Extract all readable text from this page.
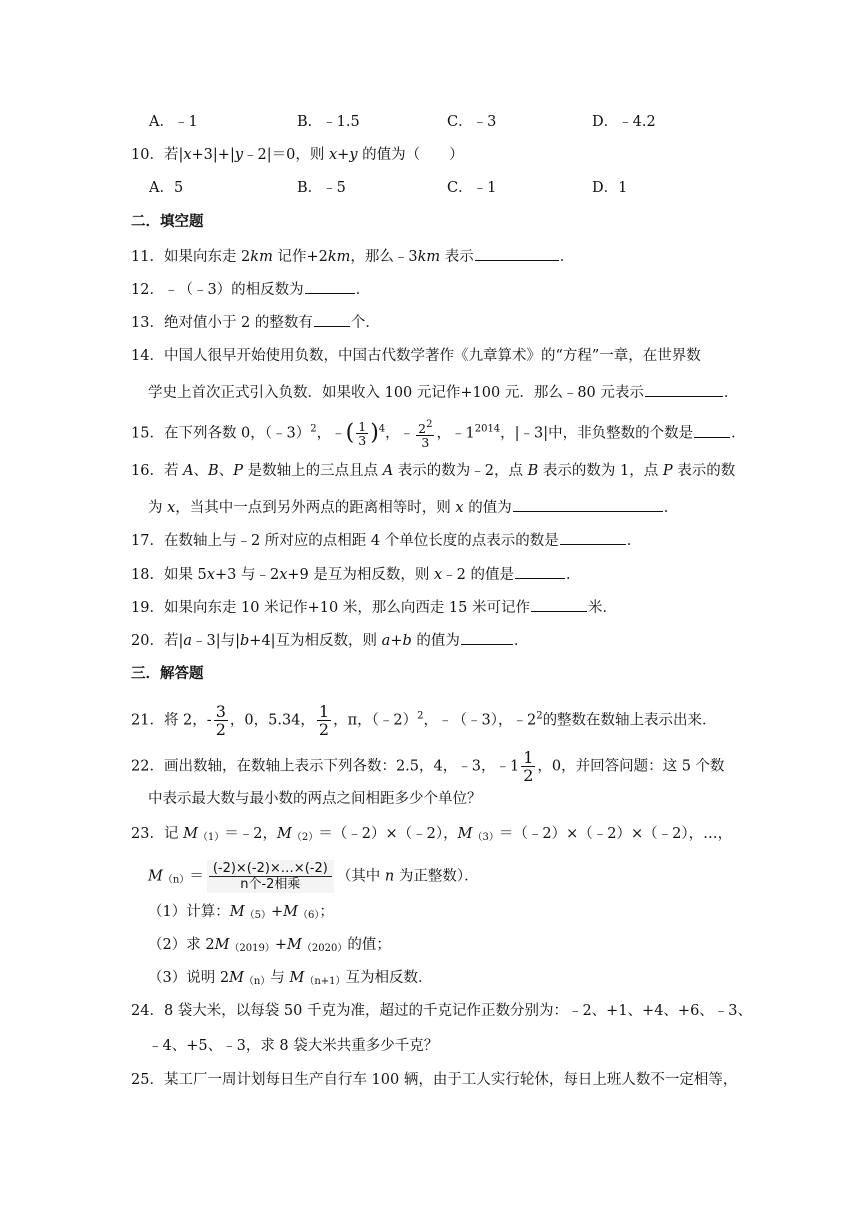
A．﹣1	B．﹣1.5	C．﹣3	D．﹣4.2
10．若|x+3|+|y﹣2|＝0，则 x+y 的值为（　　）
A．5	B．﹣5	C．﹣1	D．1
二．填空题
11．如果向东走 2km 记作+2km，那么﹣3km 表示	．
12．﹣（﹣3）的相反数为	．
13．绝对值小于 2 的整数有	个．
14．中国人很早开始使用负数，中国古代数学著作《九章算术》的“方程”一章，在世界数
学史上首次正式引入负数．如果收入 100 元记作+100 元．那么﹣80 元表示	．
15．在下列各数 0，（﹣3）$^2$，﹣( $\frac{1}{3} )^4$，﹣ $\frac{2^2}{3}$ ，$﹣1^{2014}$，|﹣3|中，非负整数的个数是	．
16．若 A、B、P 是数轴上的三点且点 A 表示的数为﹣2，点 B 表示的数为 1，点 P 表示的数
为 x，当其中一点到另外两点的距离相等时，则 x 的值为	．
17．在数轴上与﹣2 所对应的点相距 4 个单位长度的点表示的数是	．
18．如果 5x+3 与﹣2x+9 是互为相反数，则 x﹣2 的值是	．
19．如果向东走 10 米记作+10 米，那么向西走 15 米可记作	米．
20．若|a﹣3|与|b+4|互为相反数，则 a+b 的值为	．
三．解答题
21．将 2，- $\frac{3}{2}$ ，0，5.34， $\frac{1}{2}$ ，π，（﹣2）$^2$，﹣（﹣3），$﹣2^2$的整数在数轴上表示出来．
22．画出数轴，在数轴上表示下列各数：2.5，4，﹣3，﹣1 $\frac{1}{2}$ ，0，并回答问题：这 5 个数
中表示最大数与最小数的两点之间相距多少个单位？
23．记 $M_{(1)}=﹣2$，$M_{(2)}=(﹣2)\times(﹣2)$，$M_{(3)}=(﹣2)\times(﹣2)\times(﹣2)$，…，
$M_{(n)}=$ (-2)×(-2)×…×(-2)
n个-2相乘	（其中 n 为正整数）．
（1）计算：$M_{(5)}+M_{(6)}$；
（2）求 $2M_{(2019)}+M_{(2020)}$的值；
（3）说明 $2M_{(n)}$与 $M_{(n+1)}$互为相反数．
24．8 袋大米，以每袋 50 千克为准，超过的千克记作正数分别为：﹣2、+1、+4、+6、﹣3、
﹣4、+5、﹣3，求 8 袋大米共重多少千克？
25．某工厂一周计划每日生产自行车 100 辆，由于工人实行轮休，每日上班人数不一定相等，
